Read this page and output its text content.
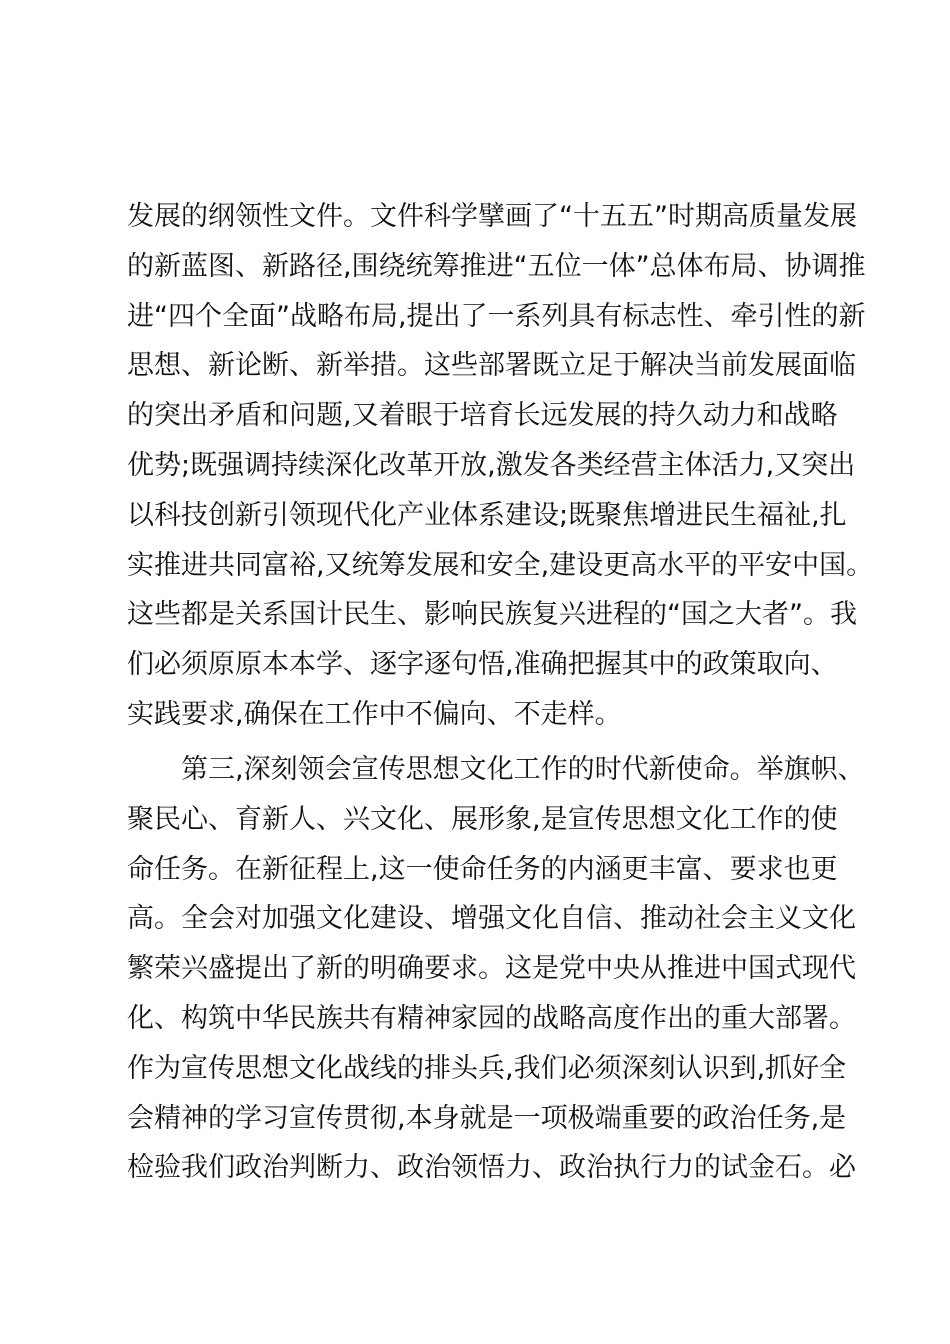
发展的纲领性文件。文件科学擘画了“十五五”时期高质量发展
的新蓝图、新路径,围绕统筹推进“五位一体”总体布局、协调推
进“四个全面”战略布局,提出了一系列具有标志性、牵引性的新
思想、新论断、新举措。这些部署既立足于解决当前发展面临
的突出矛盾和问题,又着眼于培育长远发展的持久动力和战略
优势;既强调持续深化改革开放,激发各类经营主体活力,又突出
以科技创新引领现代化产业体系建设;既聚焦增进民生福祉,扎
实推进共同富裕,又统筹发展和安全,建设更高水平的平安中国。
这些都是关系国计民生、影响民族复兴进程的“国之大者”。我
们必须原原本本学、逐字逐句悟,准确把握其中的政策取向、
实践要求,确保在工作中不偏向、不走样。
　　第三,深刻领会宣传思想文化工作的时代新使命。举旗帜、
聚民心、育新人、兴文化、展形象,是宣传思想文化工作的使
命任务。在新征程上,这一使命任务的内涵更丰富、要求也更
高。全会对加强文化建设、增强文化自信、推动社会主义文化
繁荣兴盛提出了新的明确要求。这是党中央从推进中国式现代
化、构筑中华民族共有精神家园的战略高度作出的重大部署。
作为宣传思想文化战线的排头兵,我们必须深刻认识到,抓好全
会精神的学习宣传贯彻,本身就是一项极端重要的政治任务,是
检验我们政治判断力、政治领悟力、政治执行力的试金石。必
